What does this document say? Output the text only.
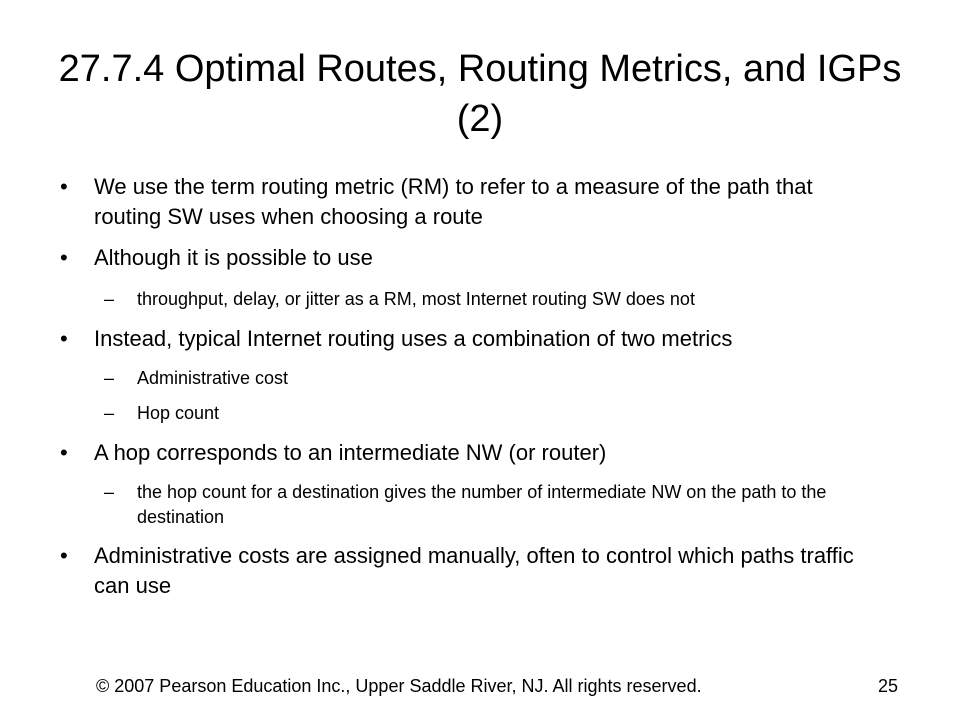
27.7.4 Optimal Routes, Routing Metrics, and IGPs (2)
• We use the term routing metric (RM) to refer to a measure of the path that routing SW uses when choosing a route
• Although it is possible to use
– throughput, delay, or jitter as a RM, most Internet routing SW does not
• Instead, typical Internet routing uses a combination of two metrics
– Administrative cost
– Hop count
• A hop corresponds to an intermediate NW (or router)
– the hop count for a destination gives the number of intermediate NW on the path to the destination
• Administrative costs are assigned manually, often to control which paths traffic can use
© 2007 Pearson Education Inc., Upper Saddle River, NJ. All rights reserved.	25
